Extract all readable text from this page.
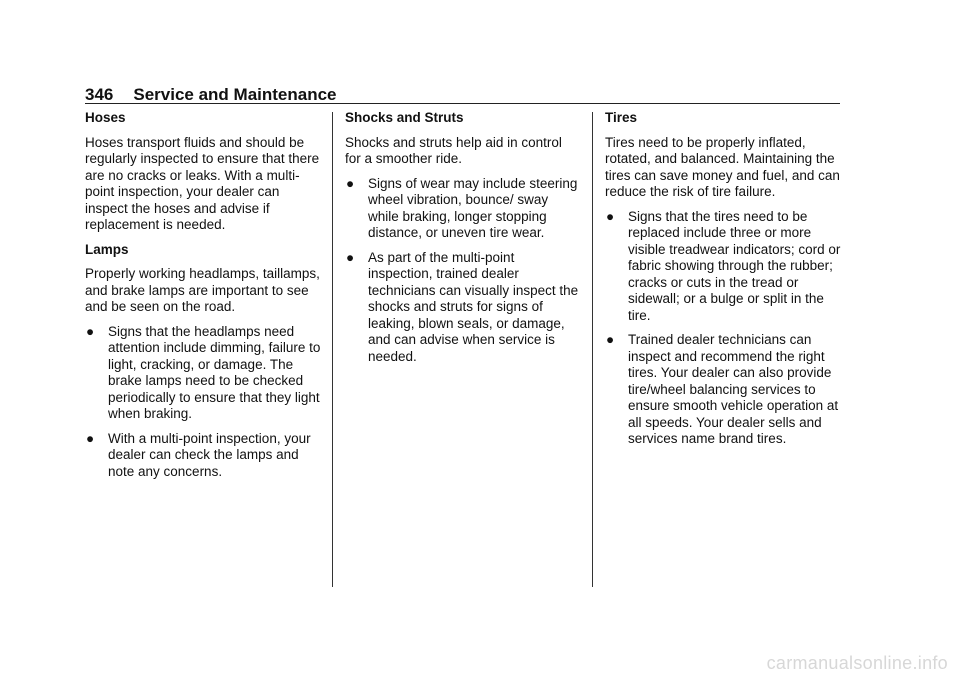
346 Service and Maintenance
Hoses
Hoses transport fluids and should be regularly inspected to ensure that there are no cracks or leaks. With a multi-point inspection, your dealer can inspect the hoses and advise if replacement is needed.
Lamps
Properly working headlamps, taillamps, and brake lamps are important to see and be seen on the road.
● Signs that the headlamps need attention include dimming, failure to light, cracking, or damage. The brake lamps need to be checked periodically to ensure that they light when braking.
● With a multi-point inspection, your dealer can check the lamps and note any concerns.
Shocks and Struts
Shocks and struts help aid in control for a smoother ride.
● Signs of wear may include steering wheel vibration, bounce/ sway while braking, longer stopping distance, or uneven tire wear.
● As part of the multi-point inspection, trained dealer technicians can visually inspect the shocks and struts for signs of leaking, blown seals, or damage, and can advise when service is needed.
Tires
Tires need to be properly inflated, rotated, and balanced. Maintaining the tires can save money and fuel, and can reduce the risk of tire failure.
● Signs that the tires need to be replaced include three or more visible treadwear indicators; cord or fabric showing through the rubber; cracks or cuts in the tread or sidewall; or a bulge or split in the tire.
● Trained dealer technicians can inspect and recommend the right tires. Your dealer can also provide tire/wheel balancing services to ensure smooth vehicle operation at all speeds. Your dealer sells and services name brand tires.
carmanualsonline.info
